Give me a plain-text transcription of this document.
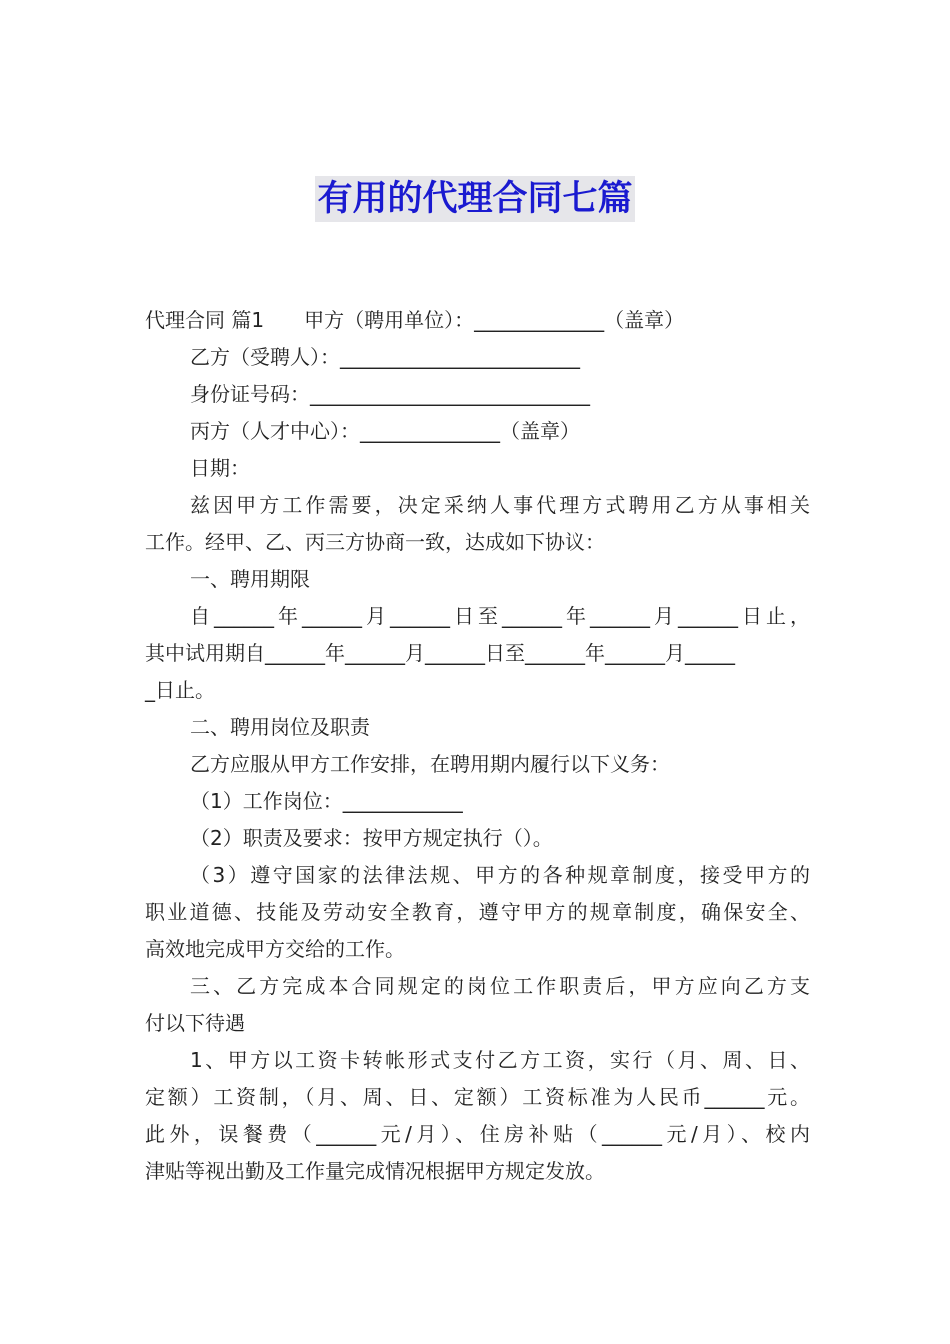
有用的代理合同七篇
代理合同 篇1　　甲方（聘用单位）：_____________（盖章）
乙方（受聘人）：________________________
身份证号码：____________________________
丙方（人才中心）：______________（盖章）
日期：
兹因甲方工作需要，决定采纳人事代理方式聘用乙方从事相关
工作。经甲、乙、丙三方协商一致，达成如下协议：
一、聘用期限
自______年______月______日至______年______月______日止，
其中试用期自______年______月______日至______年______月_____
_日止。
二、聘用岗位及职责
乙方应服从甲方工作安排，在聘用期内履行以下义务：
（1）工作岗位：____________
（2）职责及要求：按甲方规定执行（）。
（3）遵守国家的法律法规、甲方的各种规章制度，接受甲方的
职业道德、技能及劳动安全教育，遵守甲方的规章制度，确保安全、
高效地完成甲方交给的工作。
三、乙方完成本合同规定的岗位工作职责后，甲方应向乙方支
付以下待遇
1、甲方以工资卡转帐形式支付乙方工资，实行（月、周、日、
定额）工资制，（月、周、日、定额）工资标准为人民币______元。
此外，误餐费（______元/月）、住房补贴（______元/月）、校内
津贴等视出勤及工作量完成情况根据甲方规定发放。
